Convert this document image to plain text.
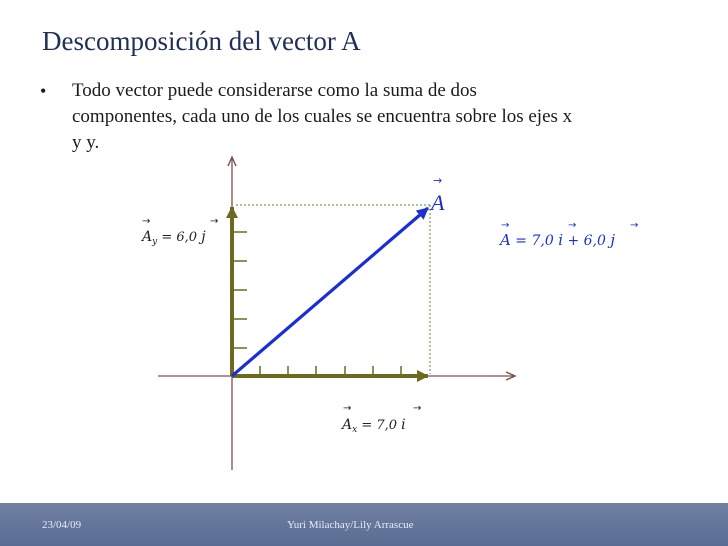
Descomposición del vector A
• Todo vector puede considerarse como la suma de dos
componentes, cada uno de los cuales se encuentra sobre los ejes x
y y.
→
A
→	→
$A_y = 6,0$ j
→	→
$A_x = 7,0$ i
→	→	→
A = 7,0 i + 6,0 j
23/04/09	Yuri Milachay/Lily Arrascue
